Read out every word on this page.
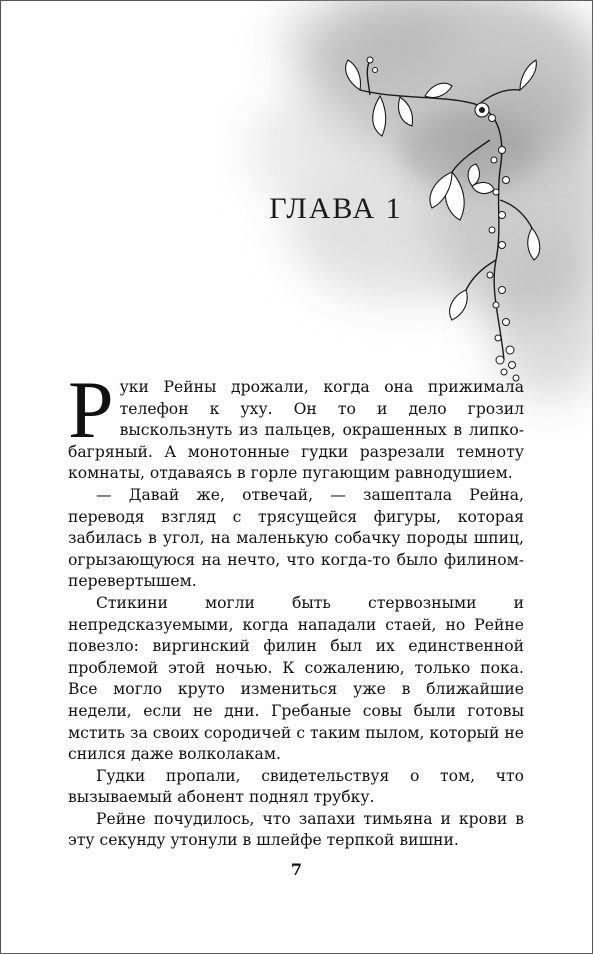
ГЛАВА 1

Руки Рейны дрожали, когда она прижимала телефон к уху. Он то и дело грозил выскользнуть из пальцев, окрашенных в липко-багряный. А монотонные гудки разрезали темноту комнаты, отдаваясь в горле пугающим равнодушием.

— Давай же, отвечай, — зашептала Рейна, переводя взгляд с трясущейся фигуры, которая забилась в угол, на маленькую собачку породы шпиц, огрызающуюся на нечто, что когда-то было филином-перевертышем.

Стикини могли быть стервозными и непредсказуемыми, когда нападали стаей, но Рейне повезло: виргинский филин был их единственной проблемой этой ночью. К сожалению, только пока. Все могло круто измениться уже в ближайшие недели, если не дни. Гребаные совы были готовы мстить за своих сородичей с таким пылом, который не снился даже волколакам.

Гудки пропали, свидетельствуя о том, что вызываемый абонент поднял трубку.

Рейне почудилось, что запахи тимьяна и крови в эту секунду утонули в шлейфе терпкой вишни.

7
